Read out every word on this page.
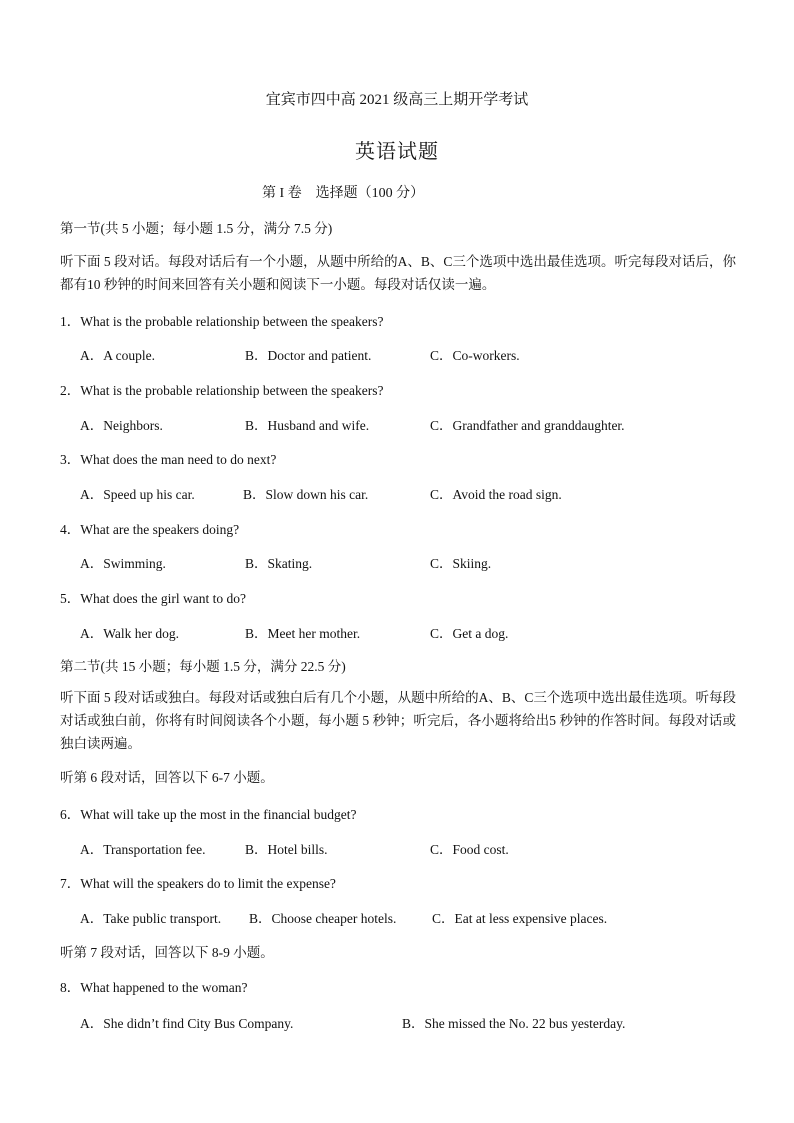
宜宾市四中高 2021 级高三上期开学考试
英语试题
第 I 卷　选择题（100 分）
第一节(共 5 小题；每小题 1.5 分，满分 7.5 分)
听下面 5 段对话。每段对话后有一个小题，从题中所给的A、B、C三个选项中选出最佳选项。听完每段对话后，你都有10 秒钟的时间来回答有关小题和阅读下一小题。每段对话仅读一遍。
1．What is the probable relationship between the speakers?
A．A couple.	B．Doctor and patient.	C．Co-workers.
2．What is the probable relationship between the speakers?
A．Neighbors.	B．Husband and wife.	C．Grandfather and granddaughter.
3．What does the man need to do next?
A．Speed up his car.	B．Slow down his car.	C．Avoid the road sign.
4．What are the speakers doing?
A．Swimming.	B．Skating.	C．Skiing.
5．What does the girl want to do?
A．Walk her dog.	B．Meet her mother.	C．Get a dog.
第二节(共 15 小题；每小题 1.5 分，满分 22.5 分)
听下面 5 段对话或独白。每段对话或独白后有几个小题，从题中所给的A、B、C三个选项中选出最佳选项。听每段对话或独白前，你将有时间阅读各个小题，每小题 5 秒钟；听完后，各小题将给出5 秒钟的作答时间。每段对话或独白读两遍。
听第 6 段对话，回答以下 6-7 小题。
6．What will take up the most in the financial budget?
A．Transportation fee.	B．Hotel bills.	C．Food cost.
7．What will the speakers do to limit the expense?
A．Take public transport. B．Choose cheaper hotels.	C．Eat at less expensive places.
听第 7 段对话，回答以下 8-9 小题。
8．What happened to the woman?
A．She didn’t find City Bus Company.	B．She missed the No. 22 bus yesterday.
